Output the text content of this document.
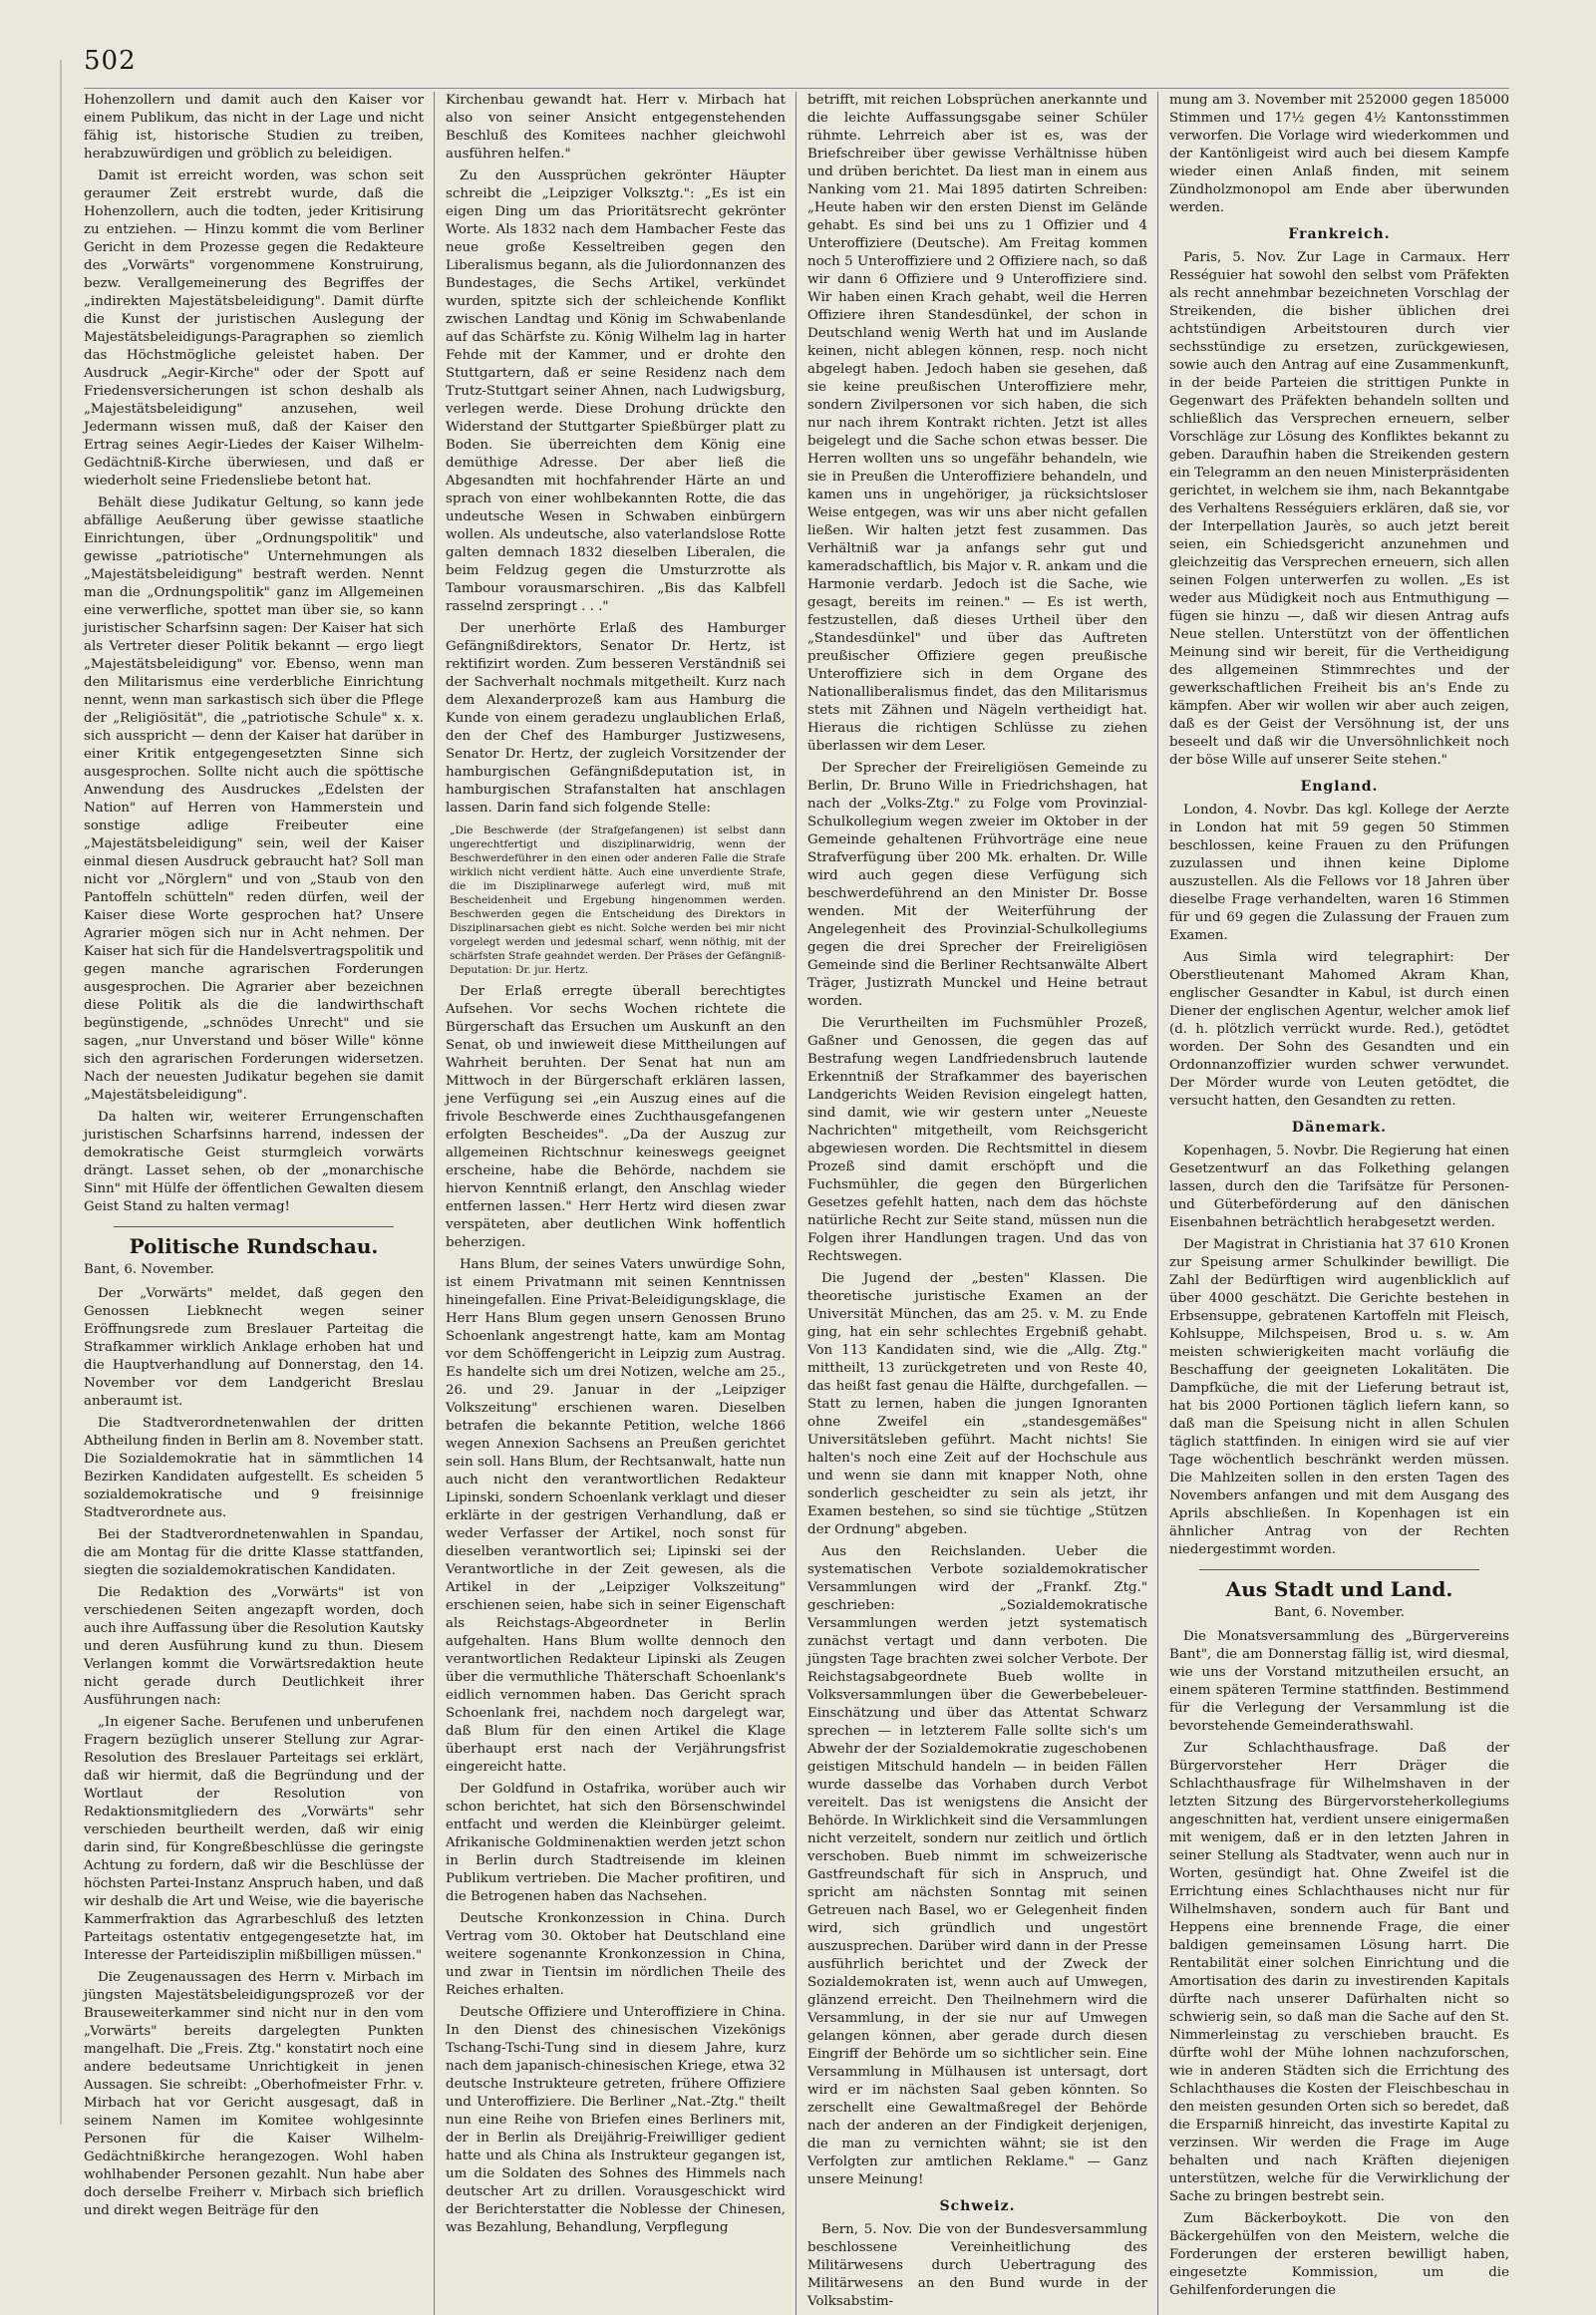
502

Hohenzollern und damit auch den Kaiser vor einem Publikum, das nicht in der Lage und nicht fähig ist, historische Studien zu treiben, herabzuwürdigen und gröblich zu beleidigen.

Damit ist erreicht worden, was schon seit geraumer Zeit erstrebt wurde, daß die Hohenzollern, auch die todten, jeder Kritisirung zu entziehen. — Hinzu kommt die vom Berliner Gericht in dem Prozesse gegen die Redakteure des „Vorwärts" vorgenommene Konstruirung, bezw. Verallgemeinerung des Begriffes der „indirekten Majestätsbeleidigung". Damit dürfte die Kunst der juristischen Auslegung der Majestätsbeleidigungs-Paragraphen so ziemlich das Höchstmögliche geleistet haben. Der Ausdruck „Aegir-Kirche" oder der Spott auf Friedensversicherungen ist schon deshalb als „Majestätsbeleidigung" anzusehen, weil Jedermann wissen muß, daß der Kaiser den Ertrag seines Aegir-Liedes der Kaiser Wilhelm-Gedächtniß-Kirche überwiesen, und daß er wiederholt seine Friedensliebe betont hat.

Behält diese Judikatur Geltung, so kann jede abfällige Aeußerung über gewisse staatliche Einrichtungen, über „Ordnungspolitik" und gewisse „patriotische" Unternehmungen als „Majestätsbeleidigung" bestraft werden. Nennt man die „Ordnungspolitik" ganz im Allgemeinen eine verwerfliche, spottet man über sie, so kann juristischer Scharfsinn sagen: Der Kaiser hat sich als Vertreter dieser Politik bekannt — ergo liegt „Majestätsbeleidigung" vor. Ebenso, wenn man den Militarismus eine verderbliche Einrichtung nennt, wenn man sarkastisch sich über die Pflege der „Religiösität", die „patriotische Schule" x. x. sich ausspricht — denn der Kaiser hat darüber in einer Kritik entgegengesetzten Sinne sich ausgesprochen. Sollte nicht auch die spöttische Anwendung des Ausdruckes „Edelsten der Nation" auf Herren von Hammerstein und sonstige adlige Freibeuter eine „Majestätsbeleidigung" sein, weil der Kaiser einmal diesen Ausdruck gebraucht hat? Soll man nicht vor „Nörglern" und von „Staub von den Pantoffeln schütteln" reden dürfen, weil der Kaiser diese Worte gesprochen hat? Unsere Agrarier mögen sich nur in Acht nehmen. Der Kaiser hat sich für die Handelsvertragspolitik und gegen manche agrarischen Forderungen ausgesprochen. Die Agrarier aber bezeichnen diese Politik als die die landwirthschaft begünstigende, „schnödes Unrecht" und sie sagen, „nur Unverstand und böser Wille" könne sich den agrarischen Forderungen widersetzen. Nach der neuesten Judikatur begehen sie damit „Majestätsbeleidigung".

Da halten wir, weiterer Errungenschaften juristischen Scharfsinns harrend, indessen der demokratische Geist sturmgleich vorwärts drängt. Lasset sehen, ob der „monarchische Sinn" mit Hülfe der öffentlichen Gewalten diesem Geist Stand zu halten vermag!

Politische Rundschau.
Bant, 6. November.

Der „Vorwärts" meldet, daß gegen den Genossen Liebknecht wegen seiner Eröffnungsrede zum Breslauer Parteitag die Strafkammer wirklich Anklage erhoben hat und die Hauptverhandlung auf Donnerstag, den 14. November vor dem Landgericht Breslau anberaumt ist.

Die Stadtverordnetenwahlen der dritten Abtheilung finden in Berlin am 8. November statt. Die Sozialdemokratie hat in sämmtlichen 14 Bezirken Kandidaten aufgestellt. Es scheiden 5 sozialdemokratische und 9 freisinnige Stadtverordnete aus.

Bei der Stadtverordnetenwahlen in Spandau, die am Montag für die dritte Klasse stattfanden, siegten die sozialdemokratischen Kandidaten.

Die Redaktion des „Vorwärts" ist von verschiedenen Seiten angezapft worden, doch auch ihre Auffassung über die Resolution Kautsky und deren Ausführung kund zu thun. Diesem Verlangen kommt die Vorwärtsredaktion heute nicht gerade durch Deutlichkeit ihrer Ausführungen nach:

„In eigener Sache. Berufenen und unberufenen Fragern bezüglich unserer Stellung zur Agrar-Resolution des Breslauer Parteitags sei erklärt, daß wir hiermit, daß die Begründung und der Wortlaut der Resolution von Redaktionsmitgliedern des „Vorwärts" sehr verschieden beurtheilt werden, daß wir einig darin sind, für Kongreßbeschlüsse die geringste Achtung zu fordern, daß wir die Beschlüsse der höchsten Partei-Instanz Anspruch haben, und daß wir deshalb die Art und Weise, wie die bayerische Kammerfraktion das Agrarbeschluß des letzten Parteitags ostentativ entgegengesetzte hat, im Interesse der Parteidisziplin mißbilligen müssen."

Die Zeugenaussagen des Herrn v. Mirbach im jüngsten Majestätsbeleidigungsprozeß vor der Brauseweiterkammer sind nicht nur in den vom „Vorwärts" bereits dargelegten Punkten mangelhaft. Die „Freis. Ztg." konstatirt noch eine andere bedeutsame Unrichtigkeit in jenen Aussagen. Sie schreibt: „Oberhofmeister Frhr. v. Mirbach hat vor Gericht ausgesagt, daß in seinem Namen im Komitee wohlgesinnte Personen für die Kaiser Wilhelm-Gedächtnißkirche herangezogen. Wohl haben wohlhabender Personen gezahlt. Nun habe aber doch derselbe Freiherr v. Mirbach sich brieflich und direkt wegen Beiträge für den

Kirchenbau gewandt hat. Herr v. Mirbach hat also von seiner Ansicht entgegenstehenden Beschluß des Komitees nachher gleichwohl ausführen helfen."

Zu den Aussprüchen gekrönter Häupter schreibt die „Leipziger Volksztg.": „Es ist ein eigen Ding um das Prioritätsrecht gekrönter Worte. Als 1832 nach dem Hambacher Feste das neue große Kesseltreiben gegen den Liberalismus begann, als die Juliordonnanzen des Bundestages, die Sechs Artikel, verkündet wurden, spitzte sich der schleichende Konflikt zwischen Landtag und König im Schwabenlande auf das Schärfste zu. König Wilhelm lag in harter Fehde mit der Kammer, und er drohte den Stuttgartern, daß er seine Residenz nach dem Trutz-Stuttgart seiner Ahnen, nach Ludwigsburg, verlegen werde. Diese Drohung drückte den Widerstand der Stuttgarter Spießbürger platt zu Boden. Sie überreichten dem König eine demüthige Adresse. Der aber ließ die Abgesandten mit hochfahrender Härte an und sprach von einer wohlbekannten Rotte, die das undeutsche Wesen in Schwaben einbürgern wollen. Als undeutsche, also vaterlandslose Rotte galten demnach 1832 dieselben Liberalen, die beim Feldzug gegen die Umsturzrotte als Tambour vorausmarschiren. „Bis das Kalbfell rasselnd zerspringt . . ."

Der unerhörte Erlaß des Hamburger Gefängnißdirektors, Senator Dr. Hertz, ist rektifizirt worden. Zum besseren Verständniß sei der Sachverhalt nochmals mitgetheilt. Kurz nach dem Alexanderprozeß kam aus Hamburg die Kunde von einem geradezu unglaublichen Erlaß, den der Chef des Hamburger Justizwesens, Senator Dr. Hertz, der zugleich Vorsitzender der hamburgischen Gefängnißdeputation ist, in hamburgischen Strafanstalten hat anschlagen lassen. Darin fand sich folgende Stelle:

„Die Beschwerde (der Strafgefangenen) ist selbst dann ungerechtfertigt und disziplinarwidrig, wenn der Beschwerdeführer in den einen oder anderen Falle die Strafe wirklich nicht verdient hätte. Auch eine unverdiente Strafe, die im Disziplinarwege auferlegt wird, muß mit Bescheidenheit und Ergebung hingenommen werden. Beschwerden gegen die Entscheidung des Direktors in Disziplinarsachen giebt es nicht. Solche werden bei mir nicht vorgelegt werden und jedesmal scharf, wenn nöthig, mit der schärfsten Strafe geahndet werden. Der Präses der Gefängniß-Deputation: Dr. jur. Hertz.

Der Erlaß erregte überall berechtigtes Aufsehen. Vor sechs Wochen richtete die Bürgerschaft das Ersuchen um Auskunft an den Senat, ob und inwieweit diese Mittheilungen auf Wahrheit beruhten. Der Senat hat nun am Mittwoch in der Bürgerschaft erklären lassen, jene Verfügung sei „ein Auszug eines auf die frivole Beschwerde eines Zuchthausgefangenen erfolgten Bescheides". „Da der Auszug zur allgemeinen Richtschnur keineswegs geeignet erscheine, habe die Behörde, nachdem sie hiervon Kenntniß erlangt, den Anschlag wieder entfernen lassen." Herr Hertz wird diesen zwar verspäteten, aber deutlichen Wink hoffentlich beherzigen.

Hans Blum, der seines Vaters unwürdige Sohn, ist einem Privatmann mit seinen Kenntnissen hineingefallen. Eine Privat-Beleidigungsklage, die Herr Hans Blum gegen unsern Genossen Bruno Schoenlank angestrengt hatte, kam am Montag vor dem Schöffengericht in Leipzig zum Austrag. Es handelte sich um drei Notizen, welche am 25., 26. und 29. Januar in der „Leipziger Volkszeitung" erschienen waren. Dieselben betrafen die bekannte Petition, welche 1866 wegen Annexion Sachsens an Preußen gerichtet sein soll. Hans Blum, der Rechtsanwalt, hatte nun auch nicht den verantwortlichen Redakteur Lipinski, sondern Schoenlank verklagt und dieser erklärte in der gestrigen Verhandlung, daß er weder Verfasser der Artikel, noch sonst für dieselben verantwortlich sei; Lipinski sei der Verantwortliche in der Zeit gewesen, als die Artikel in der „Leipziger Volkszeitung" erschienen seien, habe sich in seiner Eigenschaft als Reichstags-Abgeordneter in Berlin aufgehalten. Hans Blum wollte dennoch den verantwortlichen Redakteur Lipinski als Zeugen über die vermuthliche Thäterschaft Schoenlank's eidlich vernommen haben. Das Gericht sprach Schoenlank frei, nachdem noch dargelegt war, daß Blum für den einen Artikel die Klage überhaupt erst nach der Verjährungsfrist eingereicht hatte.

Der Goldfund in Ostafrika, worüber auch wir schon berichtet, hat sich den Börsenschwindel entfacht und werden die Kleinbürger geleimt. Afrikanische Goldminenaktien werden jetzt schon in Berlin durch Stadtreisende im kleinen Publikum vertrieben. Die Macher profitiren, und die Betrogenen haben das Nachsehen.

Deutsche Kronkonzession in China. Durch Vertrag vom 30. Oktober hat Deutschland eine weitere sogenannte Kronkonzession in China, und zwar in Tientsin im nördlichen Theile des Reiches erhalten.

Deutsche Offiziere und Unteroffiziere in China. In den Dienst des chinesischen Vizekönigs Tschang-Tschi-Tung sind in diesem Jahre, kurz nach dem japanisch-chinesischen Kriege, etwa 32 deutsche Instrukteure getreten, frühere Offiziere und Unteroffiziere. Die Berliner „Nat.-Ztg." theilt nun eine Reihe von Briefen eines Berliners mit, der in Berlin als Dreijährig-Freiwilliger gedient hatte und als China als Instrukteur gegangen ist, um die Soldaten des Sohnes des Himmels nach deutscher Art zu drillen. Vorausgeschickt wird der Berichterstatter die Noblesse der Chinesen, was Bezahlung, Behandlung, Verpflegung

betrifft, mit reichen Lobsprüchen anerkannte und die leichte Auffassungsgabe seiner Schüler rühmte. Lehrreich aber ist es, was der Briefschreiber über gewisse Verhältnisse hüben und drüben berichtet. Da liest man in einem aus Nanking vom 21. Mai 1895 datirten Schreiben: „Heute haben wir den ersten Dienst im Gelände gehabt. Es sind bei uns zu 1 Offizier und 4 Unteroffiziere (Deutsche). Am Freitag kommen noch 5 Unteroffiziere und 2 Offiziere nach, so daß wir dann 6 Offiziere und 9 Unteroffiziere sind. Wir haben einen Krach gehabt, weil die Herren Offiziere ihren Standesdünkel, der schon in Deutschland wenig Werth hat und im Auslande keinen, nicht ablegen können, resp. noch nicht abgelegt haben. Jedoch haben sie gesehen, daß sie keine preußischen Unteroffiziere mehr, sondern Zivilpersonen vor sich haben, die sich nur nach ihrem Kontrakt richten. Jetzt ist alles beigelegt und die Sache schon etwas besser. Die Herren wollten uns so ungefähr behandeln, wie sie in Preußen die Unteroffiziere behandeln, und kamen uns in ungehöriger, ja rücksichtsloser Weise entgegen, was wir uns aber nicht gefallen ließen. Wir halten jetzt fest zusammen. Das Verhältniß war ja anfangs sehr gut und kameradschaftlich, bis Major v. R. ankam und die Harmonie verdarb. Jedoch ist die Sache, wie gesagt, bereits im reinen." — Es ist werth, festzustellen, daß dieses Urtheil über den „Standesdünkel" und über das Auftreten preußischer Offiziere gegen preußische Unteroffiziere sich in dem Organe des Nationalliberalismus findet, das den Militarismus stets mit Zähnen und Nägeln vertheidigt hat. Hieraus die richtigen Schlüsse zu ziehen überlassen wir dem Leser.

Der Sprecher der Freireligiösen Gemeinde zu Berlin, Dr. Bruno Wille in Friedrichshagen, hat nach der „Volks-Ztg." zu Folge vom Provinzial-Schulkollegium wegen zweier im Oktober in der Gemeinde gehaltenen Frühvorträge eine neue Strafverfügung über 200 Mk. erhalten. Dr. Wille wird auch gegen diese Verfügung sich beschwerdeführend an den Minister Dr. Bosse wenden. Mit der Weiterführung der Angelegenheit des Provinzial-Schulkollegiums gegen die drei Sprecher der Freireligiösen Gemeinde sind die Berliner Rechtsanwälte Albert Träger, Justizrath Munckel und Heine betraut worden.

Die Verurtheilten im Fuchsmühler Prozeß, Gaßner und Genossen, die gegen das auf Bestrafung wegen Landfriedensbruch lautende Erkenntniß der Strafkammer des bayerischen Landgerichts Weiden Revision eingelegt hatten, sind damit, wie wir gestern unter „Neueste Nachrichten" mitgetheilt, vom Reichsgericht abgewiesen worden. Die Rechtsmittel in diesem Prozeß sind damit erschöpft und die Fuchsmühler, die gegen den Bürgerlichen Gesetzes gefehlt hatten, nach dem das höchste natürliche Recht zur Seite stand, müssen nun die Folgen ihrer Handlungen tragen. Und das von Rechtswegen.

Die Jugend der „besten" Klassen. Die theoretische juristische Examen an der Universität München, das am 25. v. M. zu Ende ging, hat ein sehr schlechtes Ergebniß gehabt. Von 113 Kandidaten sind, wie die „Allg. Ztg." mittheilt, 13 zurückgetreten und von Reste 40, das heißt fast genau die Hälfte, durchgefallen. — Statt zu lernen, haben die jungen Ignoranten ohne Zweifel ein „standesgemäßes" Universitätsleben geführt. Macht nichts! Sie halten's noch eine Zeit auf der Hochschule aus und wenn sie dann mit knapper Noth, ohne sonderlich gescheidter zu sein als jetzt, ihr Examen bestehen, so sind sie tüchtige „Stützen der Ordnung" abgeben.

Aus den Reichslanden. Ueber die systematischen Verbote sozialdemokratischer Versammlungen wird der „Frankf. Ztg." geschrieben: „Sozialdemokratische Versammlungen werden jetzt systematisch zunächst vertagt und dann verboten. Die jüngsten Tage brachten zwei solcher Verbote. Der Reichstagsabgeordnete Bueb wollte in Volksversammlungen über die Gewerbebeleuer-Einschätzung und über das Attentat Schwarz sprechen — in letzterem Falle sollte sich's um Abwehr der der Sozialdemokratie zugeschobenen geistigen Mitschuld handeln — in beiden Fällen wurde dasselbe das Vorhaben durch Verbot vereitelt. Das ist wenigstens die Ansicht der Behörde. In Wirklichkeit sind die Versammlungen nicht verzeitelt, sondern nur zeitlich und örtlich verschoben. Bueb nimmt im schweizerische Gastfreundschaft für sich in Anspruch, und spricht am nächsten Sonntag mit seinen Getreuen nach Basel, wo er Gelegenheit finden wird, sich gründlich und ungestört auszusprechen. Darüber wird dann in der Presse ausführlich berichtet und der Zweck der Sozialdemokraten ist, wenn auch auf Umwegen, glänzend erreicht. Den Theilnehmern wird die Versammlung, in der sie nur auf Umwegen gelangen können, aber gerade durch diesen Eingriff der Behörde um so sichtlicher sein. Eine Versammlung in Mülhausen ist untersagt, dort wird er im nächsten Saal geben könnten. So zerschellt eine Gewaltmaßregel der Behörde nach der anderen an der Findigkeit derjenigen, die man zu vernichten wähnt; sie ist den Verfolgten zur amtlichen Reklame." — Ganz unsere Meinung!

Schweiz.

Bern, 5. Nov. Die von der Bundesversammlung beschlossene Vereinheitlichung des Militärwesens durch Uebertragung des Militärwesens an den Bund wurde in der Volksabstim-

mung am 3. November mit 252000 gegen 185000 Stimmen und 17½ gegen 4½ Kantonsstimmen verworfen. Die Vorlage wird wiederkommen und der Kantönligeist wird auch bei diesem Kampfe wieder einen Anlaß finden, mit seinem Zündholzmonopol am Ende aber überwunden werden.

Frankreich.

Paris, 5. Nov. Zur Lage in Carmaux. Herr Rességuier hat sowohl den selbst vom Präfekten als recht annehmbar bezeichneten Vorschlag der Streikenden, die bisher üblichen drei achtstündigen Arbeitstouren durch vier sechsstündige zu ersetzen, zurückgewiesen, sowie auch den Antrag auf eine Zusammenkunft, in der beide Parteien die strittigen Punkte in Gegenwart des Präfekten behandeln sollten und schließlich das Versprechen erneuern, selber Vorschläge zur Lösung des Konfliktes bekannt zu geben. Daraufhin haben die Streikenden gestern ein Telegramm an den neuen Ministerpräsidenten gerichtet, in welchem sie ihm, nach Bekanntgabe des Verhaltens Rességuiers erklären, daß sie, vor der Interpellation Jaurès, so auch jetzt bereit seien, ein Schiedsgericht anzunehmen und gleichzeitig das Versprechen erneuern, sich allen seinen Folgen unterwerfen zu wollen. „Es ist weder aus Müdigkeit noch aus Entmuthigung — fügen sie hinzu —, daß wir diesen Antrag aufs Neue stellen. Unterstützt von der öffentlichen Meinung sind wir bereit, für die Vertheidigung des allgemeinen Stimmrechtes und der gewerkschaftlichen Freiheit bis an's Ende zu kämpfen. Aber wir wollen wir aber auch zeigen, daß es der Geist der Versöhnung ist, der uns beseelt und daß wir die Unversöhnlichkeit noch der böse Wille auf unserer Seite stehen."

England.

London, 4. Novbr. Das kgl. Kollege der Aerzte in London hat mit 59 gegen 50 Stimmen beschlossen, keine Frauen zu den Prüfungen zuzulassen und ihnen keine Diplome auszustellen. Als die Fellows vor 18 Jahren über dieselbe Frage verhandelten, waren 16 Stimmen für und 69 gegen die Zulassung der Frauen zum Examen.

Aus Simla wird telegraphirt: Der Oberstlieutenant Mahomed Akram Khan, englischer Gesandter in Kabul, ist durch einen Diener der englischen Agentur, welcher amok lief (d. h. plötzlich verrückt wurde. Red.), getödtet worden. Der Sohn des Gesandten und ein Ordonnanzoffizier wurden schwer verwundet. Der Mörder wurde von Leuten getödtet, die versucht hatten, den Gesandten zu retten.

Dänemark.

Kopenhagen, 5. Novbr. Die Regierung hat einen Gesetzentwurf an das Folkething gelangen lassen, durch den die Tarifsätze für Personen- und Güterbeförderung auf den dänischen Eisenbahnen beträchtlich herabgesetzt werden.

Der Magistrat in Christiania hat 37 610 Kronen zur Speisung armer Schulkinder bewilligt. Die Zahl der Bedürftigen wird augenblicklich auf über 4000 geschätzt. Die Gerichte bestehen in Erbsensuppe, gebratenen Kartoffeln mit Fleisch, Kohlsuppe, Milchspeisen, Brod u. s. w. Am meisten schwierigkeiten macht vorläufig die Beschaffung der geeigneten Lokalitäten. Die Dampfküche, die mit der Lieferung betraut ist, hat bis 2000 Portionen täglich liefern kann, so daß man die Speisung nicht in allen Schulen täglich stattfinden. In einigen wird sie auf vier Tage wöchentlich beschränkt werden müssen. Die Mahlzeiten sollen in den ersten Tagen des Novembers anfangen und mit dem Ausgang des Aprils abschließen. In Kopenhagen ist ein ähnlicher Antrag von der Rechten niedergestimmt worden.

Aus Stadt und Land.
Bant, 6. November.

Die Monatsversammlung des „Bürgervereins Bant", die am Donnerstag fällig ist, wird diesmal, wie uns der Vorstand mitzutheilen ersucht, an einem späteren Termine stattfinden. Bestimmend für die Verlegung der Versammlung ist die bevorstehende Gemeinderathswahl.

Zur Schlachthausfrage. Daß der Bürgervorsteher Herr Dräger die Schlachthausfrage für Wilhelmshaven in der letzten Sitzung des Bürgervorsteherkollegiums angeschnitten hat, verdient unsere einigermaßen mit wenigem, daß er in den letzten Jahren in seiner Stellung als Stadtvater, wenn auch nur in Worten, gesündigt hat. Ohne Zweifel ist die Errichtung eines Schlachthauses nicht nur für Wilhelmshaven, sondern auch für Bant und Heppens eine brennende Frage, die einer baldigen gemeinsamen Lösung harrt. Die Rentabilität einer solchen Einrichtung und die Amortisation des darin zu investirenden Kapitals dürfte nach unserer Dafürhalten nicht so schwierig sein, so daß man die Sache auf den St. Nimmerleinstag zu verschieben braucht. Es dürfte wohl der Mühe lohnen nachzuforschen, wie in anderen Städten sich die Errichtung des Schlachthauses die Kosten der Fleischbeschau in den meisten gesunden Orten sich so beredet, daß die Ersparniß hinreicht, das investirte Kapital zu verzinsen. Wir werden die Frage im Auge behalten und nach Kräften diejenigen unterstützen, welche für die Verwirklichung der Sache zu bringen bestrebt sein.

Zum Bäckerboykott. Die von den Bäckergehülfen von den Meistern, welche die Forderungen der ersteren bewilligt haben, eingesetzte Kommission, um die Gehilfenforderungen die
